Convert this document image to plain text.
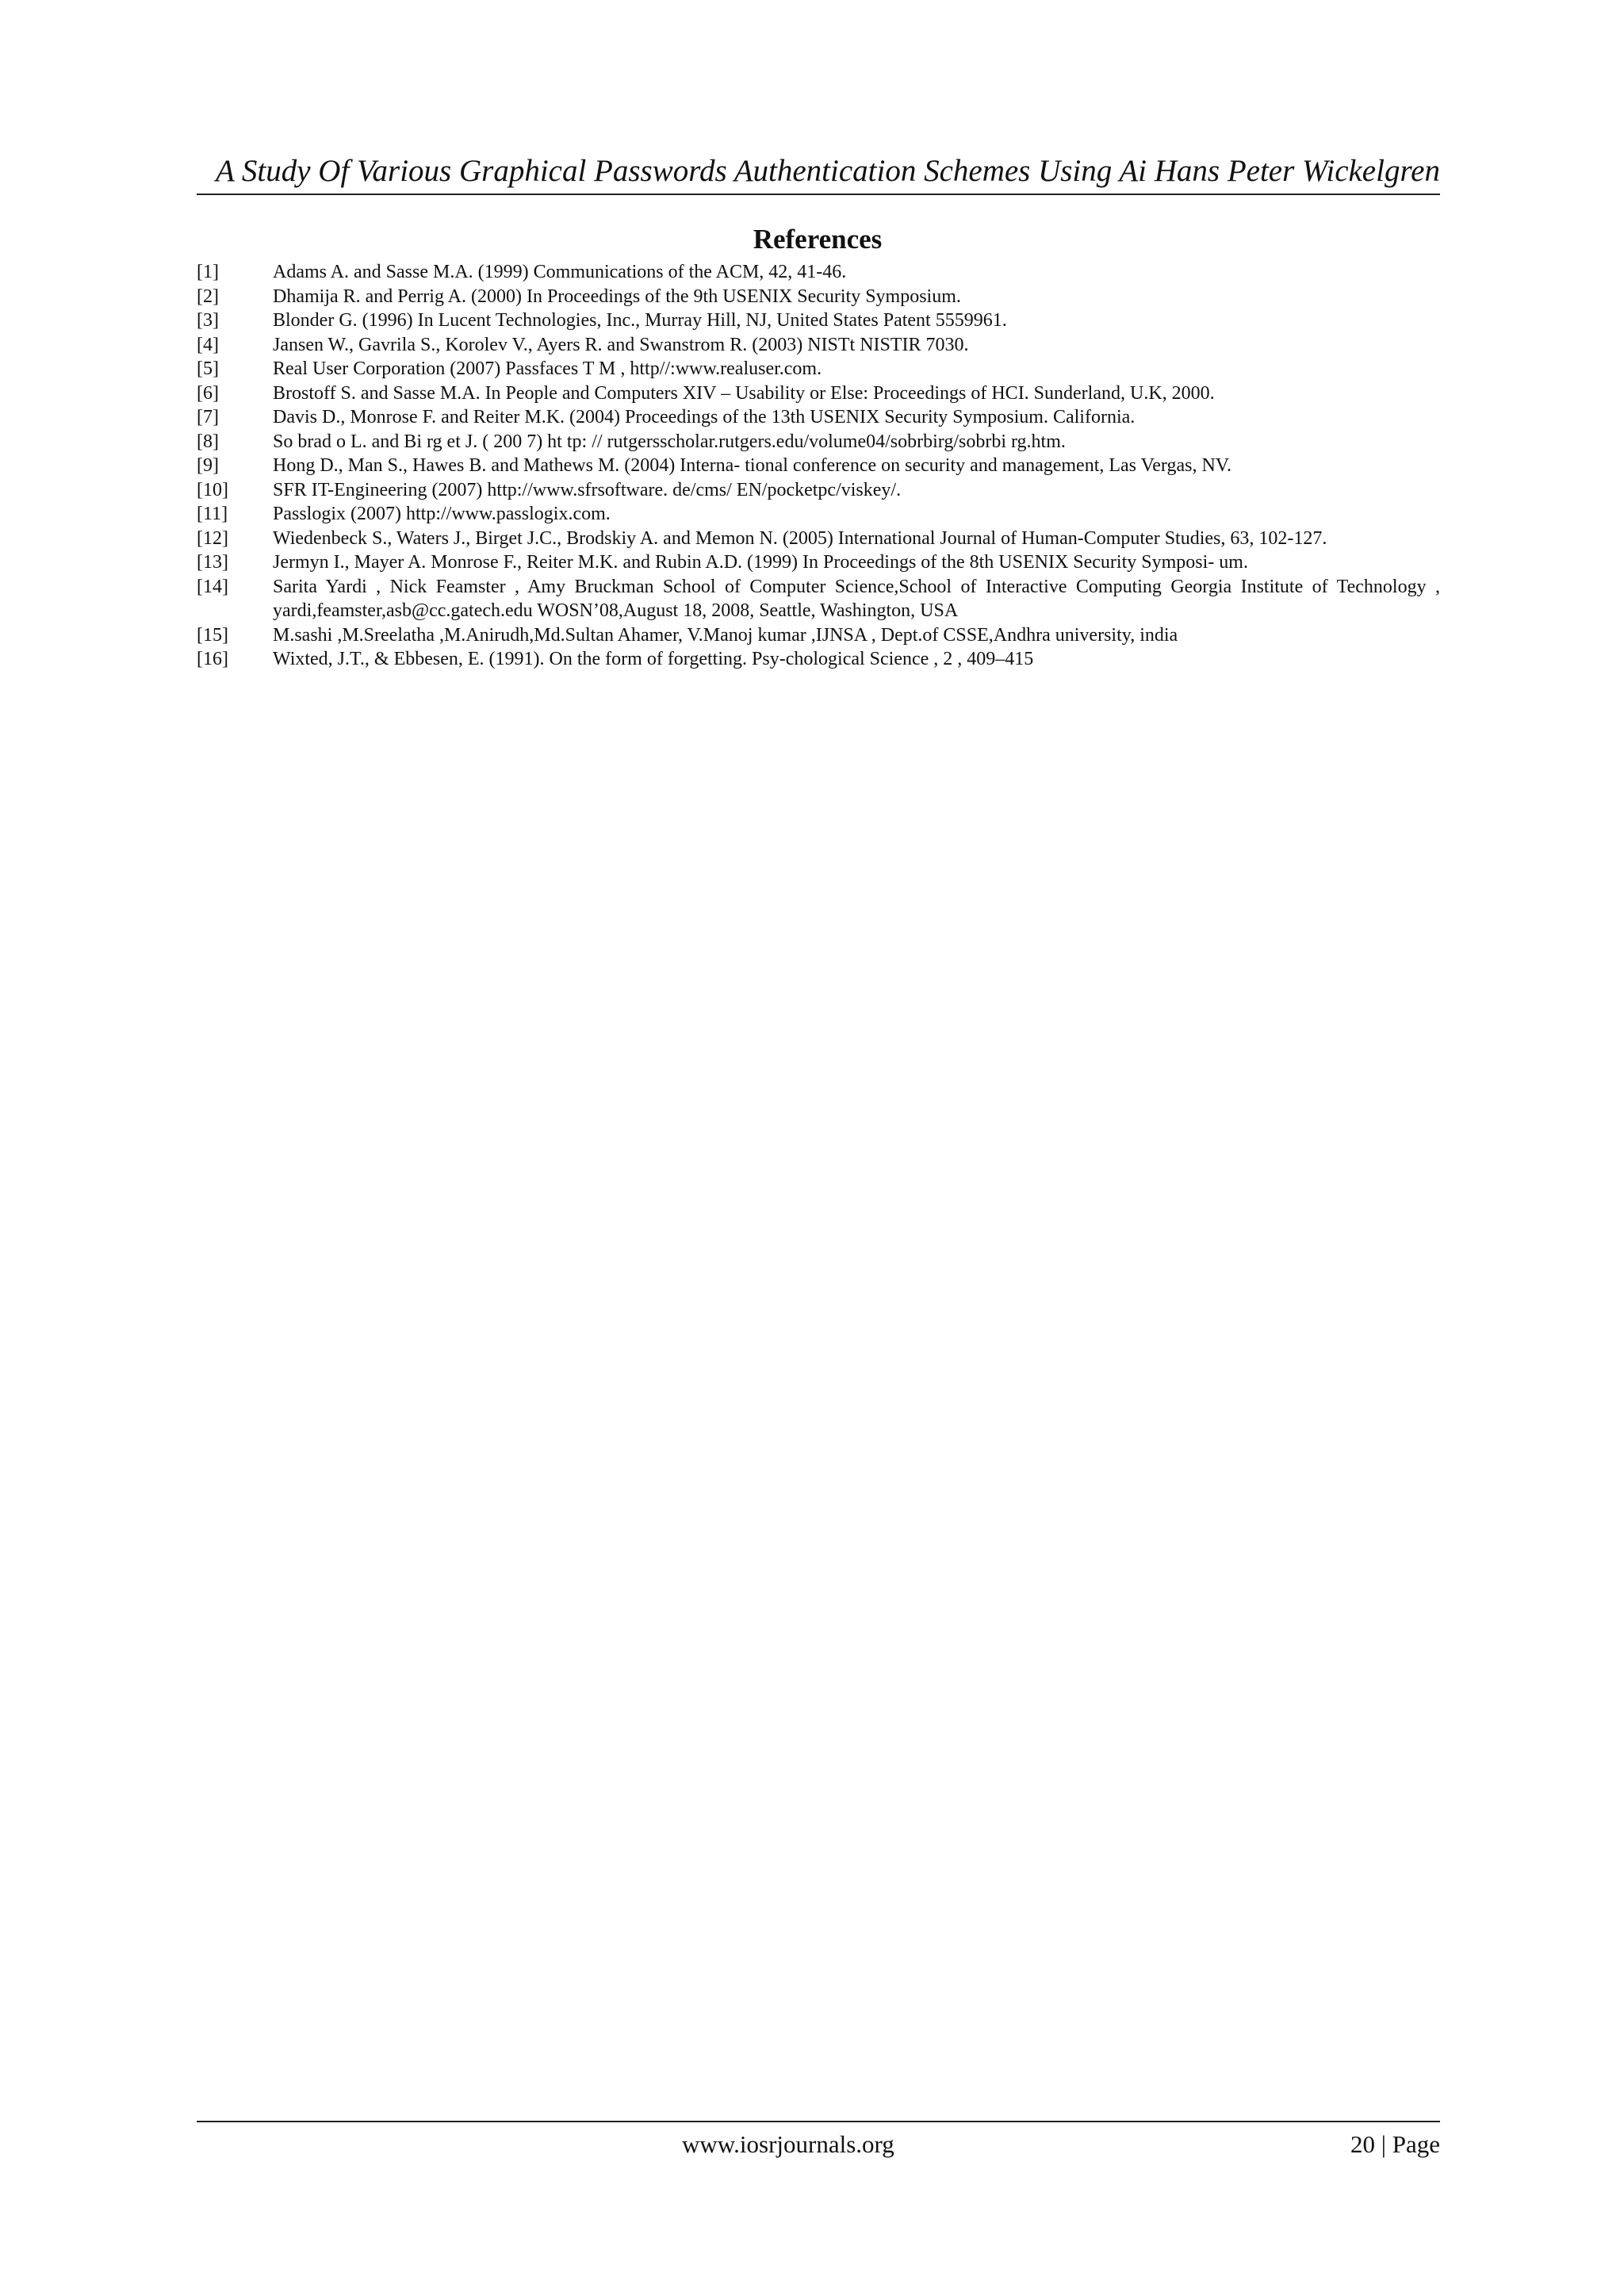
A Study Of Various Graphical Passwords Authentication Schemes Using Ai Hans Peter Wickelgren
References
[1]	Adams A. and Sasse M.A. (1999) Communications of the ACM, 42, 41-46.
[2]	Dhamija R. and Perrig A. (2000) In Proceedings of the 9th USENIX Security Symposium.
[3]	Blonder G. (1996) In Lucent Technologies, Inc., Murray Hill, NJ, United States Patent 5559961.
[4]	Jansen W., Gavrila S., Korolev V., Ayers R. and Swanstrom R. (2003) NISTt NISTIR 7030.
[5]	Real User Corporation (2007) Passfaces T M , http//:www.realuser.com.
[6]	Brostoff S. and Sasse M.A. In People and Computers XIV – Usability or Else: Proceedings of HCI. Sunderland, U.K, 2000.
[7]	Davis D., Monrose F. and Reiter M.K. (2004) Proceedings of the 13th USENIX Security Symposium. California.
[8]	So brad o L. and Bi rg et J. ( 200 7) ht tp: // rutgersscholar.rutgers.edu/volume04/sobrbirg/sobrbi rg.htm.
[9]	Hong D., Man S., Hawes B. and Mathews M. (2004) Interna- tional conference on security and management, Las Vergas, NV.
[10]	SFR IT-Engineering (2007) http://www.sfrsoftware. de/cms/ EN/pocketpc/viskey/.
[11]	Passlogix (2007) http://www.passlogix.com.
[12]	Wiedenbeck S., Waters J., Birget J.C., Brodskiy A. and Memon N. (2005) International Journal of Human-Computer Studies, 63, 102-127.
[13]	Jermyn I., Mayer A. Monrose F., Reiter M.K. and Rubin A.D. (1999) In Proceedings of the 8th USENIX Security Symposi- um.
[14]	Sarita Yardi , Nick Feamster , Amy Bruckman School of Computer Science,School of Interactive Computing Georgia Institute of Technology , yardi,feamster,asb@cc.gatech.edu WOSN’08,August 18, 2008, Seattle, Washington, USA
[15]	M.sashi ,M.Sreelatha ,M.Anirudh,Md.Sultan Ahamer, V.Manoj kumar ,IJNSA , Dept.of CSSE,Andhra university, india
[16]	Wixted, J.T., & Ebbesen, E. (1991). On the form of forgetting. Psy-chological Science , 2 , 409–415
www.iosrjournals.org	20 | Page
